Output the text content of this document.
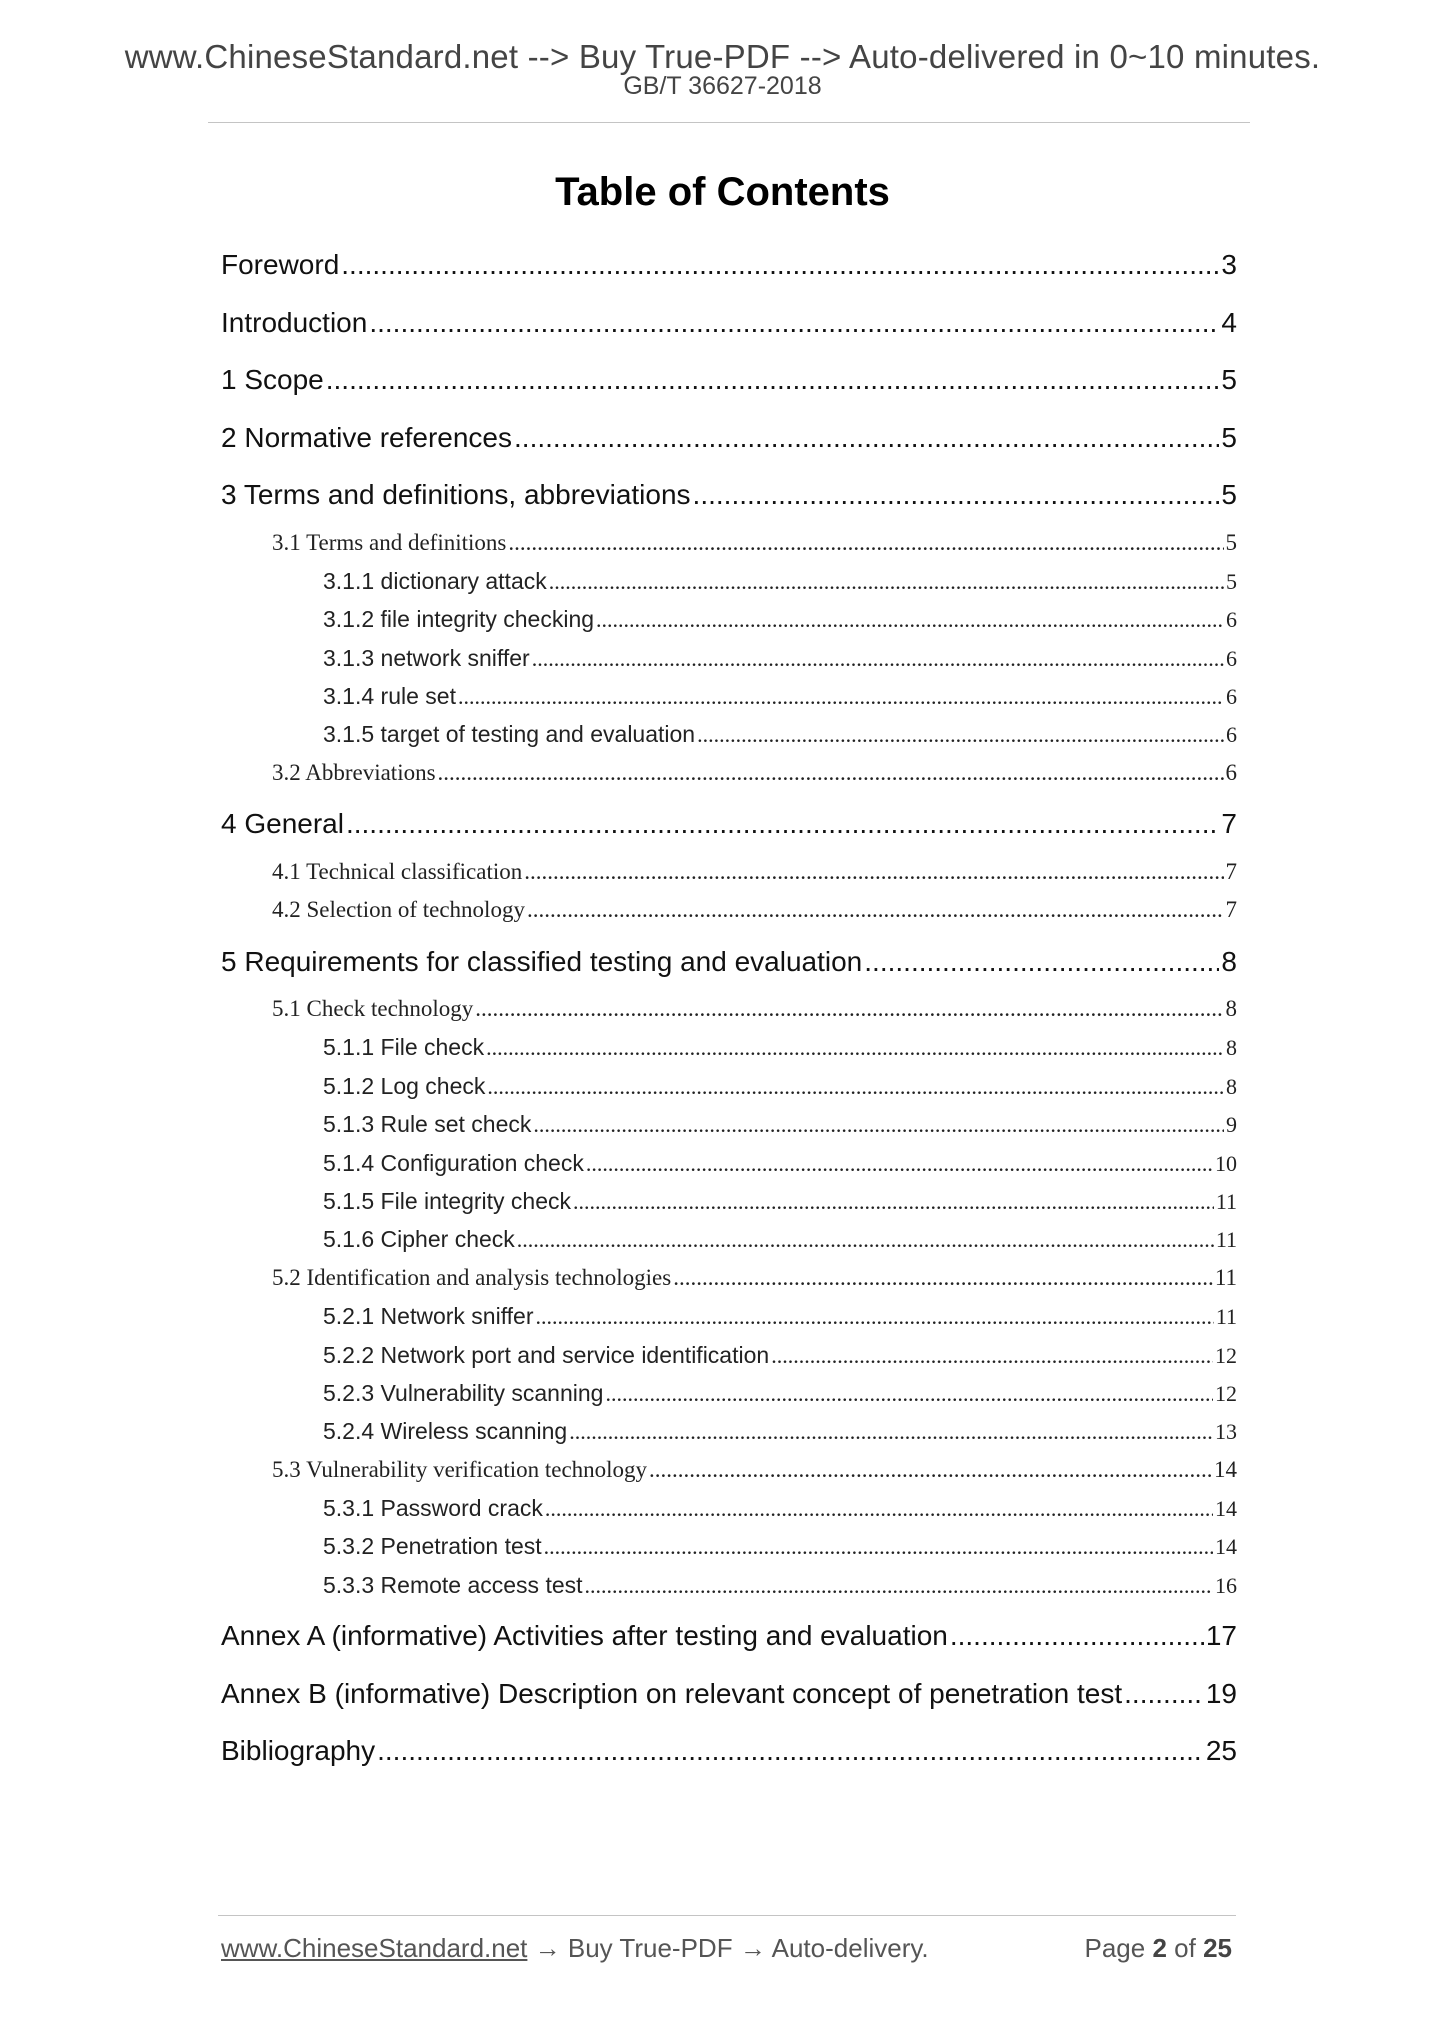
www.ChineseStandard.net --> Buy True-PDF --> Auto-delivered in 0~10 minutes.
GB/T 36627-2018
Table of Contents
Foreword .....	3
Introduction .....	4
1 Scope .....	5
2 Normative references .....	5
3 Terms and definitions, abbreviations .....	5
3.1 Terms and definitions .....	5
3.1.1 dictionary attack .....	5
3.1.2 file integrity checking .....	6
3.1.3 network sniffer .....	6
3.1.4 rule set .....	6
3.1.5 target of testing and evaluation .....	6
3.2 Abbreviations .....	6
4 General .....	7
4.1 Technical classification .....	7
4.2 Selection of technology .....	7
5 Requirements for classified testing and evaluation .....	8
5.1 Check technology .....	8
5.1.1 File check .....	8
5.1.2 Log check .....	8
5.1.3 Rule set check .....	9
5.1.4 Configuration check .....	10
5.1.5 File integrity check .....	11
5.1.6 Cipher check .....	11
5.2 Identification and analysis technologies .....	11
5.2.1 Network sniffer .....	11
5.2.2 Network port and service identification .....	12
5.2.3 Vulnerability scanning .....	12
5.2.4 Wireless scanning .....	13
5.3 Vulnerability verification technology .....	14
5.3.1 Password crack .....	14
5.3.2 Penetration test .....	14
5.3.3 Remote access test .....	16
Annex A (informative) Activities after testing and evaluation .....	17
Annex B (informative) Description on relevant concept of penetration test .....	19
Bibliography .....	25
www.ChineseStandard.net → Buy True-PDF → Auto-delivery.	Page 2 of 25
